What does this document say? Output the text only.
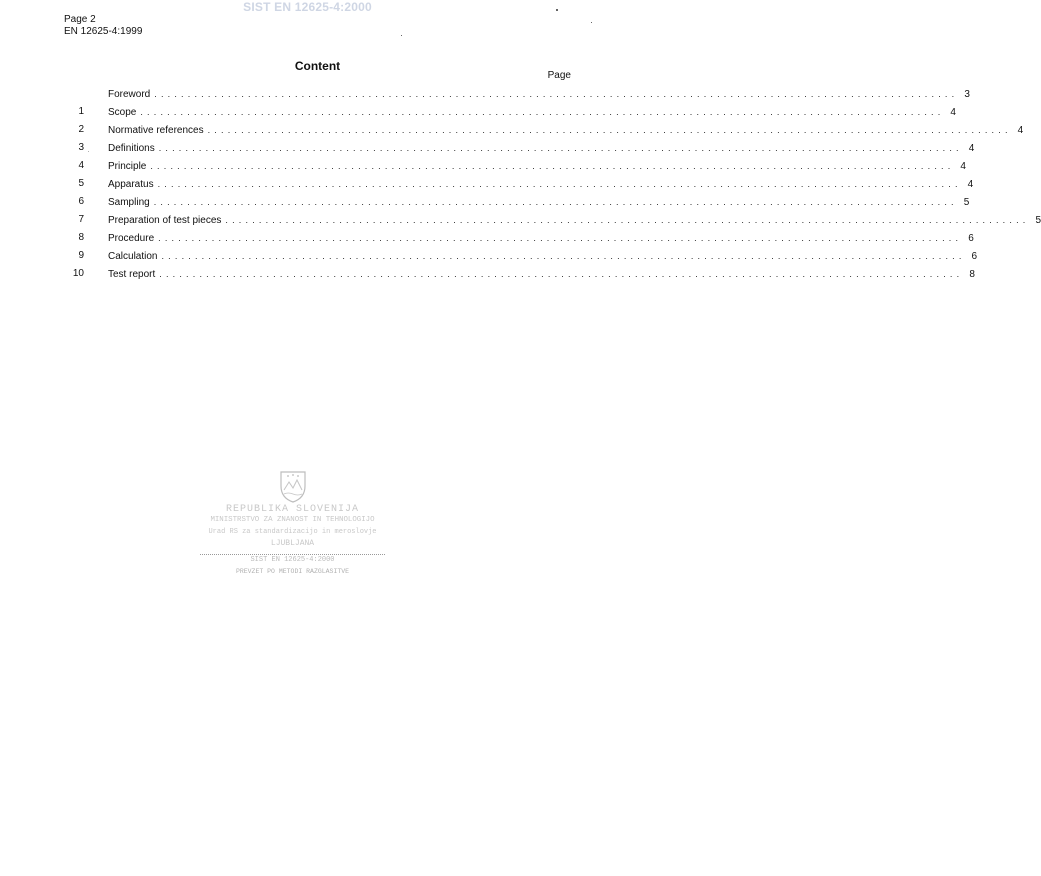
SIST EN 12625-4:2000
Page 2
EN 12625-4:1999
Content
Page
Foreword ........................................................................................................................ 3
1 Scope ........................................................................................................................ 4
2 Normative references ........................................................................................................................ 4
3 Definitions ........................................................................................................................ 4
4 Principle ........................................................................................................................ 4
5 Apparatus ........................................................................................................................ 4
6 Sampling ........................................................................................................................ 5
7 Preparation of test pieces ........................................................................................................................ 5
8 Procedure ........................................................................................................................ 6
9 Calculation ........................................................................................................................ 6
10 Test report ........................................................................................................................ 8
REPUBLIKA SLOVENIJA
MINISTRSTVO ZA ZNANOST IN TEHNOLOGIJO
Urad RS za standardizacijo in meroslovje
LJUBLJANA
SIST EN 12625-4:2000
PREVZET PO METODI RAZGLASITVE
